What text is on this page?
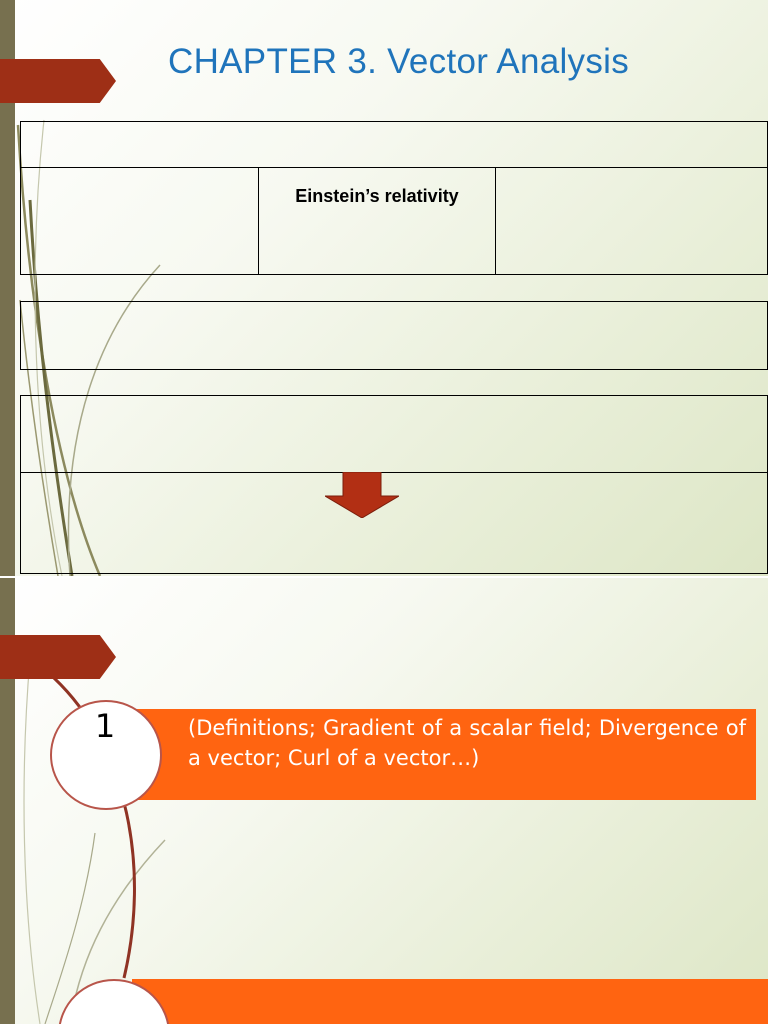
CHAPTER 3. Vector Analysis
Einstein’s relativity

(Definitions; Gradient of a scalar field; Divergence of a vector; Curl of a vector…)

1
